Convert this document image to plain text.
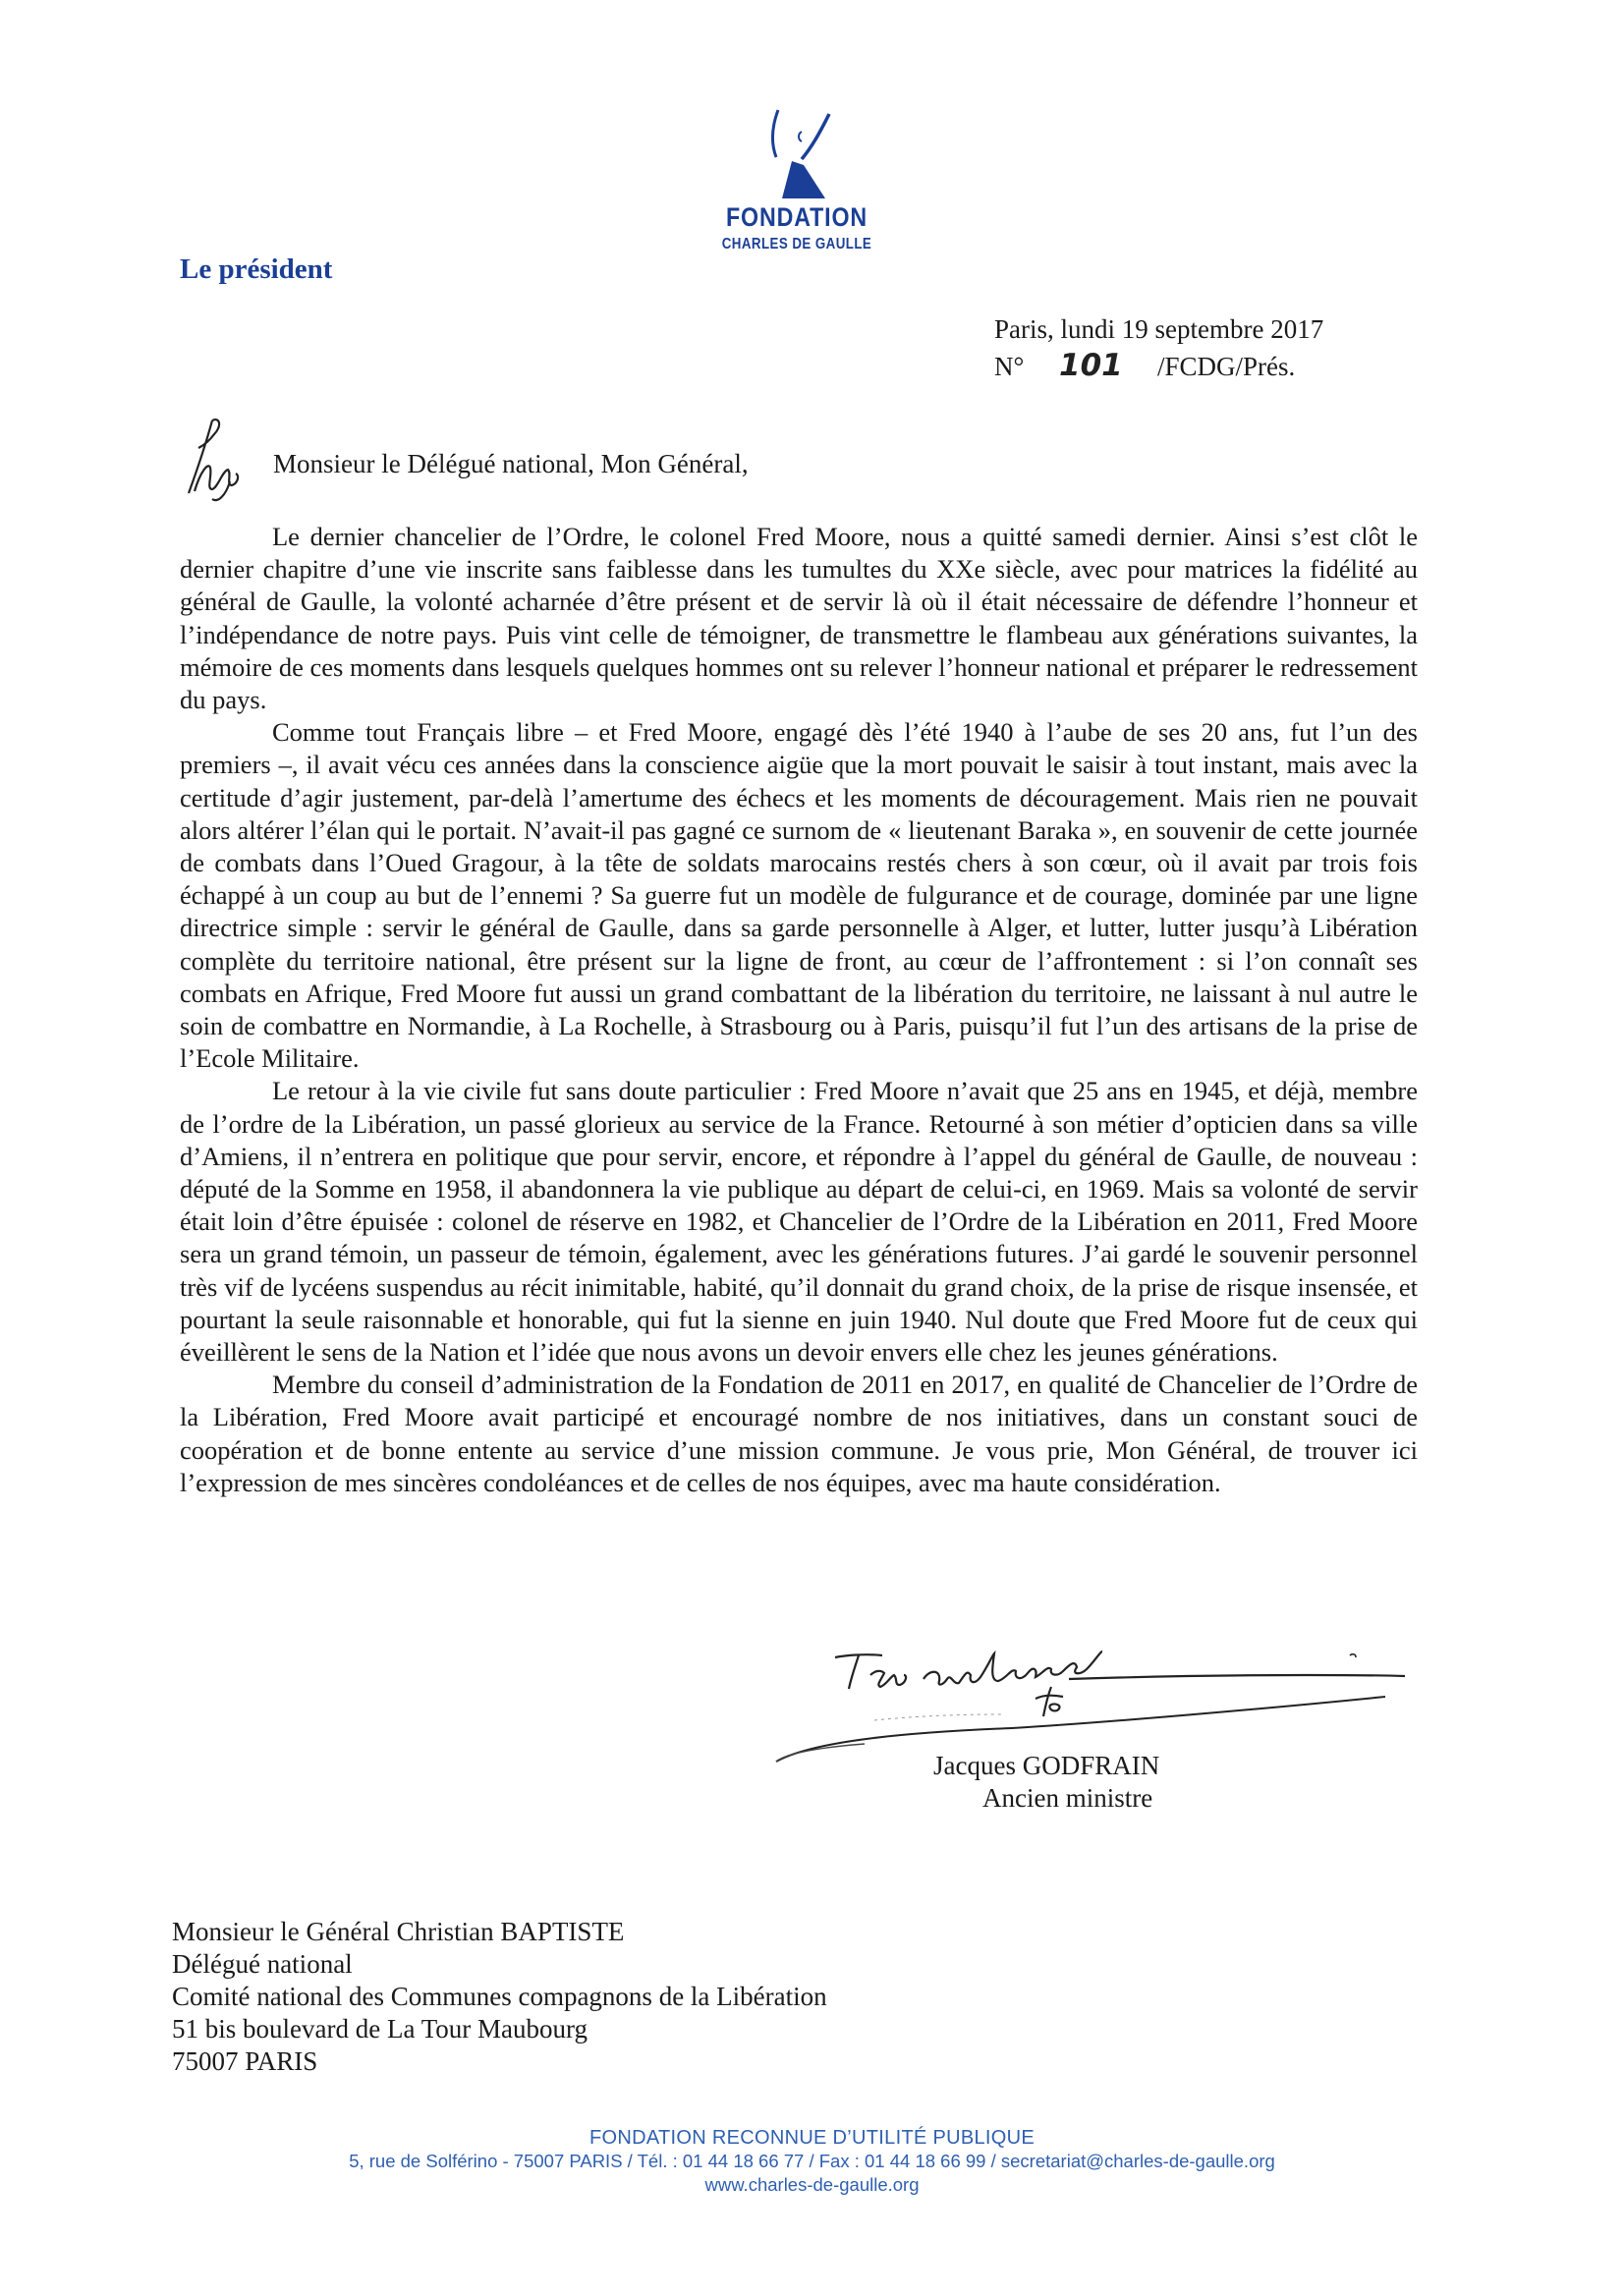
FONDATION
CHARLES DE GAULLE
Le président
Paris, lundi 19 septembre 2017
N° 101 /FCDG/Prés.
Monsieur le Délégué national, Mon Général,

Le dernier chancelier de l’Ordre, le colonel Fred Moore, nous a quitté samedi dernier. Ainsi s’est clôt le dernier chapitre d’une vie inscrite sans faiblesse dans les tumultes du XXe siècle, avec pour matrices la fidélité au général de Gaulle, la volonté acharnée d’être présent et de servir là où il était nécessaire de défendre l’honneur et l’indépendance de notre pays. Puis vint celle de témoigner, de transmettre le flambeau aux générations suivantes, la mémoire de ces moments dans lesquels quelques hommes ont su relever l’honneur national et préparer le redressement du pays.

Comme tout Français libre – et Fred Moore, engagé dès l’été 1940 à l’aube de ses 20 ans, fut l’un des premiers –, il avait vécu ces années dans la conscience aigüe que la mort pouvait le saisir à tout instant, mais avec la certitude d’agir justement, par-delà l’amertume des échecs et les moments de découragement. Mais rien ne pouvait alors altérer l’élan qui le portait. N’avait-il pas gagné ce surnom de « lieutenant Baraka », en souvenir de cette journée de combats dans l’Oued Gragour, à la tête de soldats marocains restés chers à son cœur, où il avait par trois fois échappé à un coup au but de l’ennemi ? Sa guerre fut un modèle de fulgurance et de courage, dominée par une ligne directrice simple : servir le général de Gaulle, dans sa garde personnelle à Alger, et lutter, lutter jusqu’à Libération complète du territoire national, être présent sur la ligne de front, au cœur de l’affrontement : si l’on connaît ses combats en Afrique, Fred Moore fut aussi un grand combattant de la libération du territoire, ne laissant à nul autre le soin de combattre en Normandie, à La Rochelle, à Strasbourg ou à Paris, puisqu’il fut l’un des artisans de la prise de l’Ecole Militaire.

Le retour à la vie civile fut sans doute particulier : Fred Moore n’avait que 25 ans en 1945, et déjà, membre de l’ordre de la Libération, un passé glorieux au service de la France. Retourné à son métier d’opticien dans sa ville d’Amiens, il n’entrera en politique que pour servir, encore, et répondre à l’appel du général de Gaulle, de nouveau : député de la Somme en 1958, il abandonnera la vie publique au départ de celui-ci, en 1969. Mais sa volonté de servir était loin d’être épuisée : colonel de réserve en 1982, et Chancelier de l’Ordre de la Libération en 2011, Fred Moore sera un grand témoin, un passeur de témoin, également, avec les générations futures. J’ai gardé le souvenir personnel très vif de lycéens suspendus au récit inimitable, habité, qu’il donnait du grand choix, de la prise de risque insensée, et pourtant la seule raisonnable et honorable, qui fut la sienne en juin 1940. Nul doute que Fred Moore fut de ceux qui éveillèrent le sens de la Nation et l’idée que nous avons un devoir envers elle chez les jeunes générations.

Membre du conseil d’administration de la Fondation de 2011 en 2017, en qualité de Chancelier de l’Ordre de la Libération, Fred Moore avait participé et encouragé nombre de nos initiatives, dans un constant souci de coopération et de bonne entente au service d’une mission commune. Je vous prie, Mon Général, de trouver ici l’expression de mes sincères condoléances et de celles de nos équipes, avec ma haute considération.

Jacques GODFRAIN
Ancien ministre
Monsieur le Général Christian BAPTISTE
Délégué national
Comité national des Communes compagnons de la Libération
51 bis boulevard de La Tour Maubourg
75007 PARIS
FONDATION RECONNUE D’UTILITÉ PUBLIQUE
5, rue de Solférino - 75007 PARIS / Tél. : 01 44 18 66 77 / Fax : 01 44 18 66 99 / secretariat@charles-de-gaulle.org
www.charles-de-gaulle.org
